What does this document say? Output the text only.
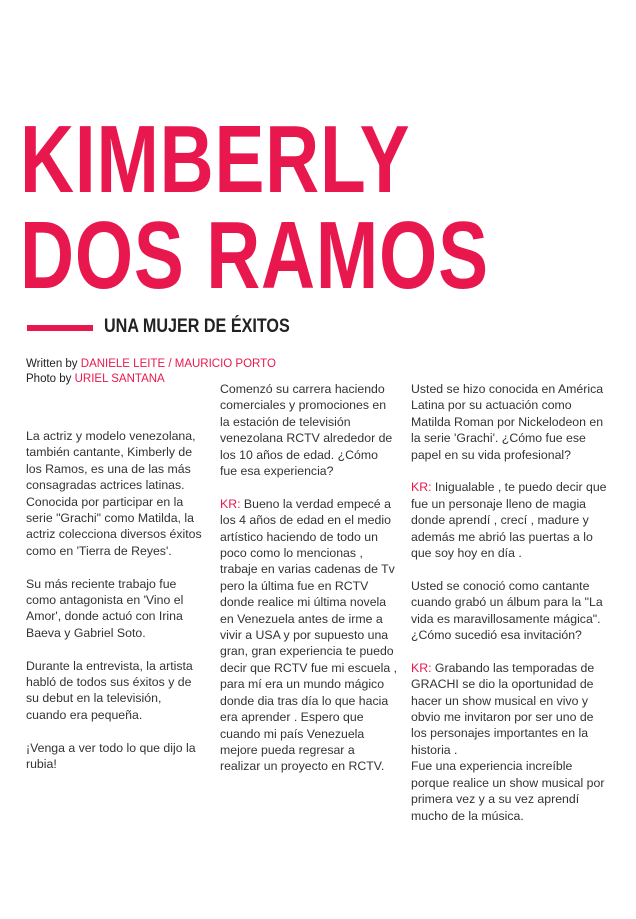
KIMBERLY
DOS RAMOS
UNA MUJER DE ÉXITOS
Written by DANIELE LEITE / MAURICIO PORTO
Photo by URIEL SANTANA

La actriz y modelo venezolana, también cantante, Kimberly de los Ramos, es una de las más consagradas actrices latinas. Conocida por participar en la serie "Grachi" como Matilda, la actriz colecciona diversos éxitos como en 'Tierra de Reyes'.

Su más reciente trabajo fue como antagonista en 'Vino el Amor', donde actuó con Irina Baeva y Gabriel Soto.

Durante la entrevista, la artista habló de todos sus éxitos y de su debut en la televisión, cuando era pequeña.

¡Venga a ver todo lo que dijo la rubia!

Comenzó su carrera haciendo comerciales y promociones en la estación de televisión venezolana RCTV alrededor de los 10 años de edad. ¿Cómo fue esa experiencia?

KR: Bueno la verdad empecé a los 4 años de edad en el medio artístico haciendo de todo un poco como lo mencionas , trabaje en varias cadenas de Tv pero la última fue en RCTV donde realice mi última novela en Venezuela antes de irme a vivir a USA y por supuesto una gran, gran experiencia te puedo decir que RCTV fue mi escuela , para mí era un mundo mágico donde dia tras día lo que hacia era aprender . Espero que cuando mi país Venezuela mejore pueda regresar a realizar un proyecto en RCTV.

Usted se hizo conocida en América Latina por su actuación como Matilda Roman por Nickelodeon en la serie 'Grachi'. ¿Cómo fue ese papel en su vida profesional?

KR: Inigualable , te puedo decir que fue un personaje lleno de magia donde aprendí , crecí , madure y además me abrió las puertas a lo que soy hoy en día .

Usted se conoció como cantante cuando grabó un álbum para la "La vida es maravillosamente mágica". ¿Cómo sucedió esa invitación?

KR: Grabando las temporadas de GRACHI se dio la oportunidad de hacer un show musical en vivo y obvio me invitaron por ser uno de los personajes importantes en la historia .
Fue una experiencia increíble porque realice un show musical por primera vez y a su vez aprendí mucho de la música.
